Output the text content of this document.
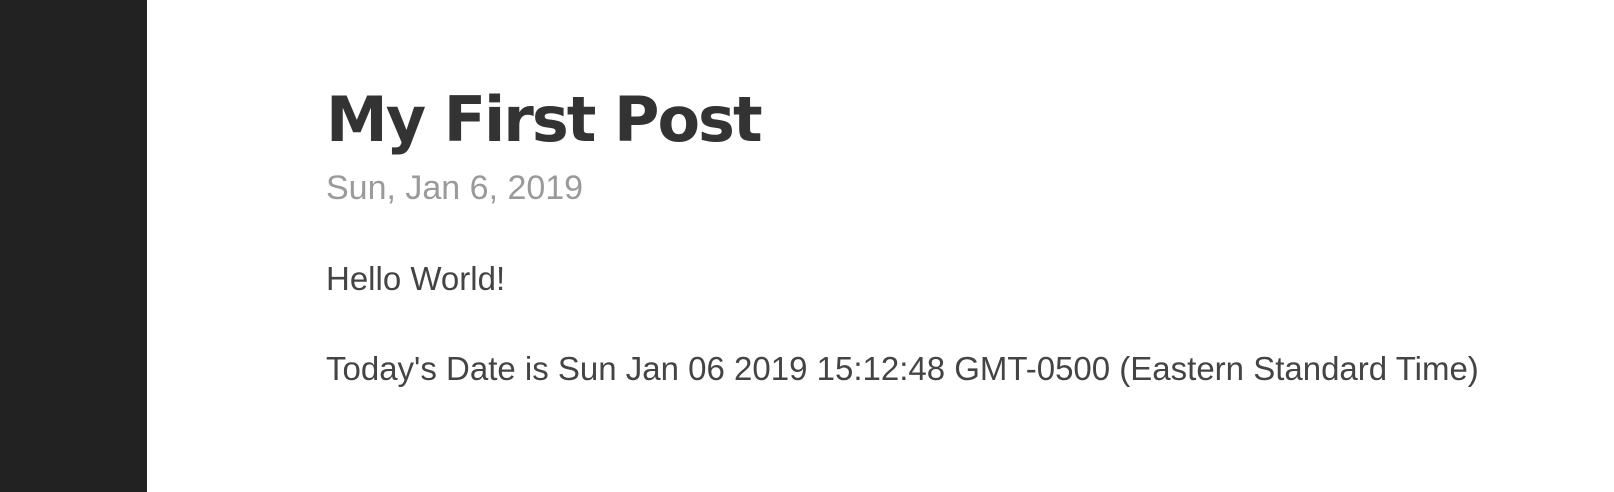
My First Post
Sun, Jan 6, 2019

Hello World!

Today's Date is Sun Jan 06 2019 15:12:48 GMT-0500 (Eastern Standard Time)
